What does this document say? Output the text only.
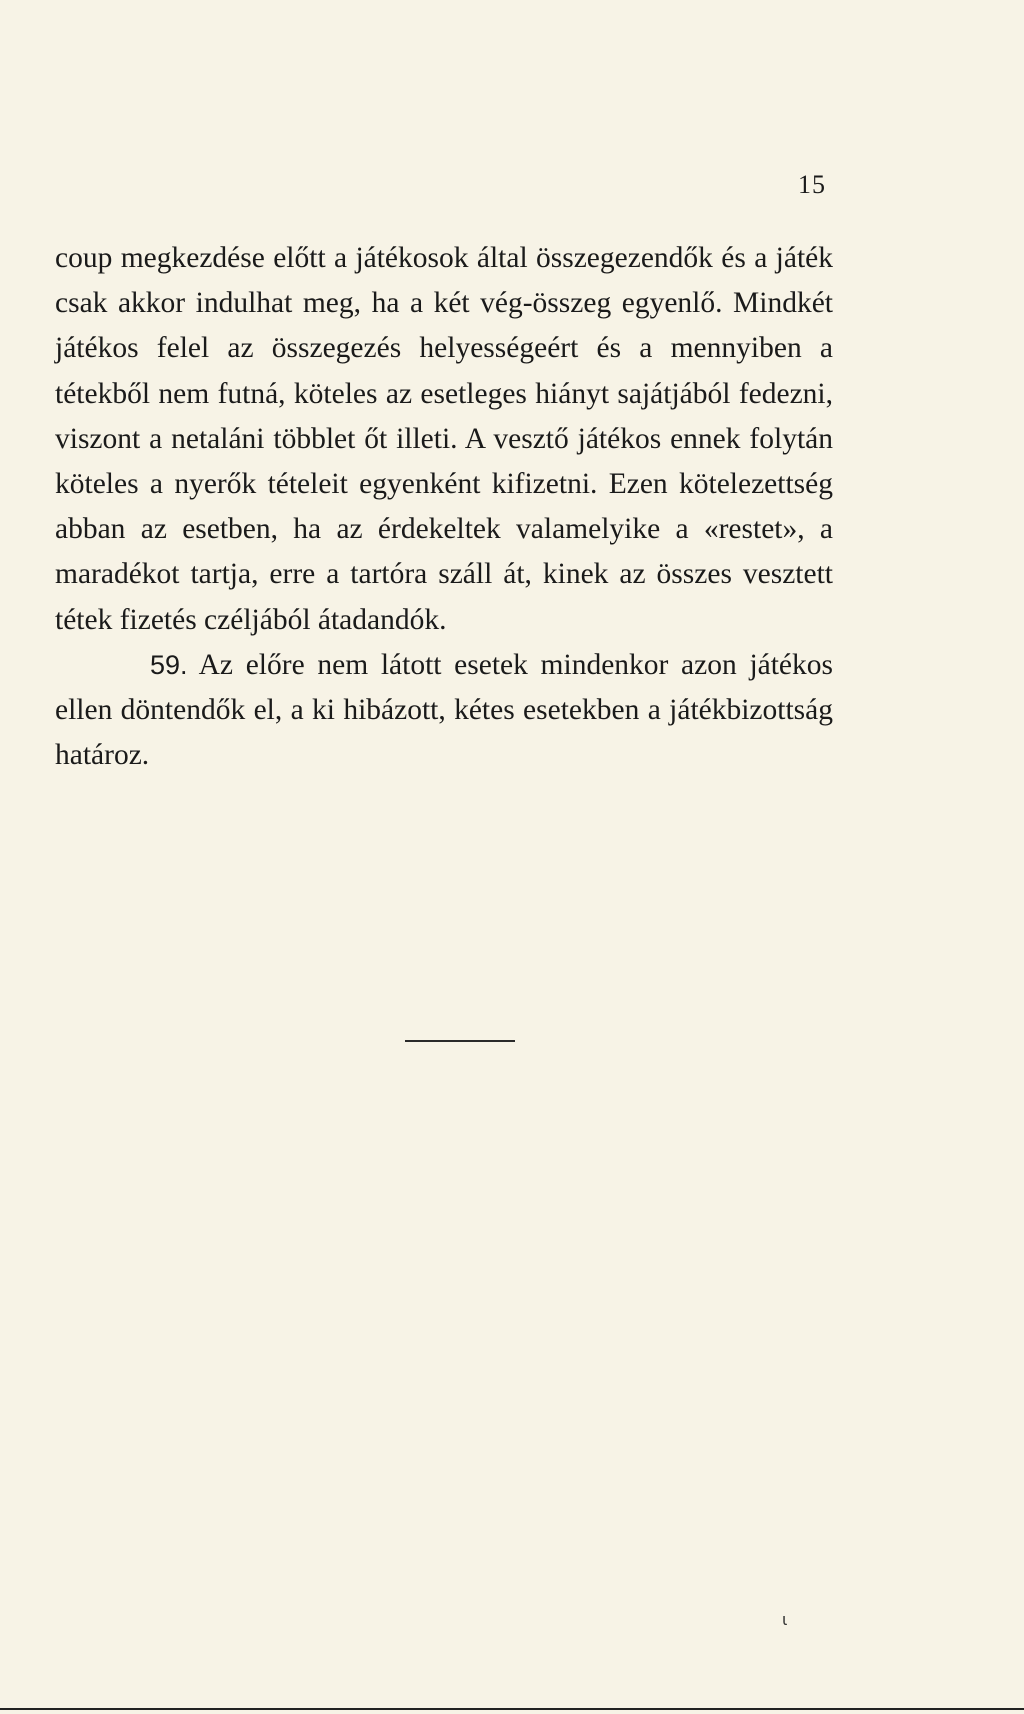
15

coup megkezdése előtt a játékosok által összegezendők és a játék csak akkor indulhat meg, ha a két vég-összeg egyenlő. Mindkét játékos felel az összegezés helyességeért és a mennyiben a tétekből nem futná, köteles az esetleges hiányt sajátjából fedezni, viszont a netaláni többlet őt illeti. A vesztő játékos ennek folytán köteles a nyerők tételeit egyenként kifizetni. Ezen kötelezettség abban az esetben, ha az érdekeltek valamelyike a «restet», a maradékot tartja, erre a tartóra száll át, kinek az összes vesztett tétek fizetés czéljából átadandók.

59. Az előre nem látott esetek mindenkor azon játékos ellen döntendők el, a ki hibázott, kétes esetekben a játékbizottság határoz.

ι
